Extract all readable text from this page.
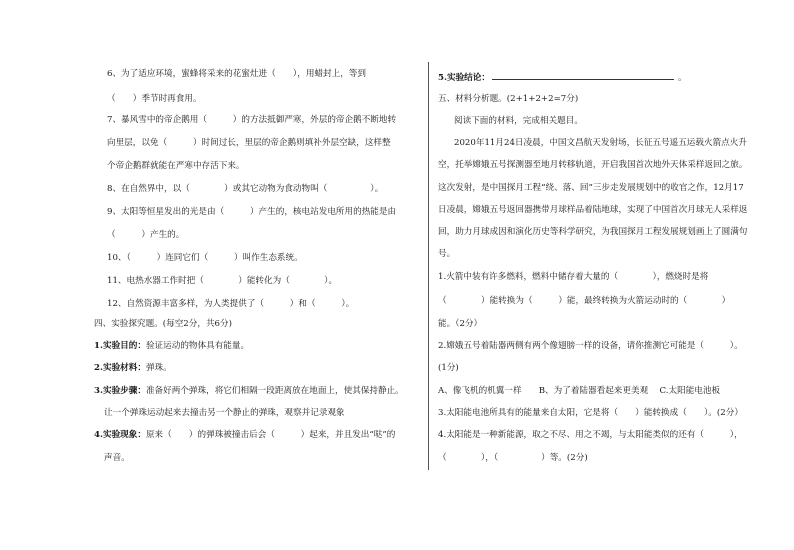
6、为了适应环境，蜜蜂将采来的花蜜灶进（　　），用蜡封上，等到
（　　）季节时再食用。
7、暴风雪中的帝企鹅用（　　　）的方法抵御严寒，外层的帝企鹅不断地转
向里层，以免（　　　）时间过长，里层的帝企鹅则填补外层空缺，这样整
个帝企鹅群就能在严寒中存活下来。
8、在自然界中，以（　　　　）或其它动物为食动物叫（　　　　　）。
9、太阳等恒星发出的光是由（　　　）产生的，核电站发电所用的热能是由
（　　　）产生的。
10、（　　　）连同它们（　　　）叫作生态系统。
11、电热水器工作时把（　　　　）能转化为（　　　　）。
12、自然资源丰富多样，为人类提供了（　　　）和（　　　）。
四、实验探究题。(每空2分，共6分)
1.实验目的：验证运动的物体具有能量。
2.实验材料：弹珠。
3.实验步骤：准备好两个弹珠，将它们相隔一段距离放在地面上，使其保持静止。
让一个弹珠运动起来去撞击另一个静止的弹珠，观察并记录观象
4.实验现象：原来（　　）的弹珠被撞击后会（　　　）起来，并且发出“哒”的
声音。
5.实验结论：	。
五、材料分析题。(2+1+2+2=7分)
阅读下面的材料，完成相关题目。
2020年11月24日凌晨，中国文昌航天发射场，长征五号遥五运载火箭点火升
空，托举嫦娥五号探测器至地月转移轨道，开启我国首次地外天体采样返回之旅。
这次发射，是中国探月工程“绕、落、回”三步走发展规划中的收官之作，12月17
日凌晨，嫦娥五号返回器携带月球样品着陆地球，实现了中国首次月球无人采样返
回，助力月球成因和演化历史等科学研究，为我国探月工程发展规划画上了圆满句
号。
1.火箭中装有许多燃料，燃料中储存着大量的（　　　　），燃烧时是将
（　　　　）能转换为（　　　）能，最终转换为火箭运动时的（　　　　）
能。（2分）
2.嫦娥五号着陆器两侧有两个像翅膀一样的设备，请你推测它可能是（　　　）。
(1分)
A、像飞机的机翼一样　　B、为了着陆器看起来更美观　 C.太阳能电池板
3.太阳能电池所具有的能量来自太阳，它是将（　　）能转换成（　　）。(2分）
4.太阳能是一种新能源，取之不尽、用之不竭，与太阳能类似的还有（　　　），
（　　　　），（　　　　　）等。(2分)
